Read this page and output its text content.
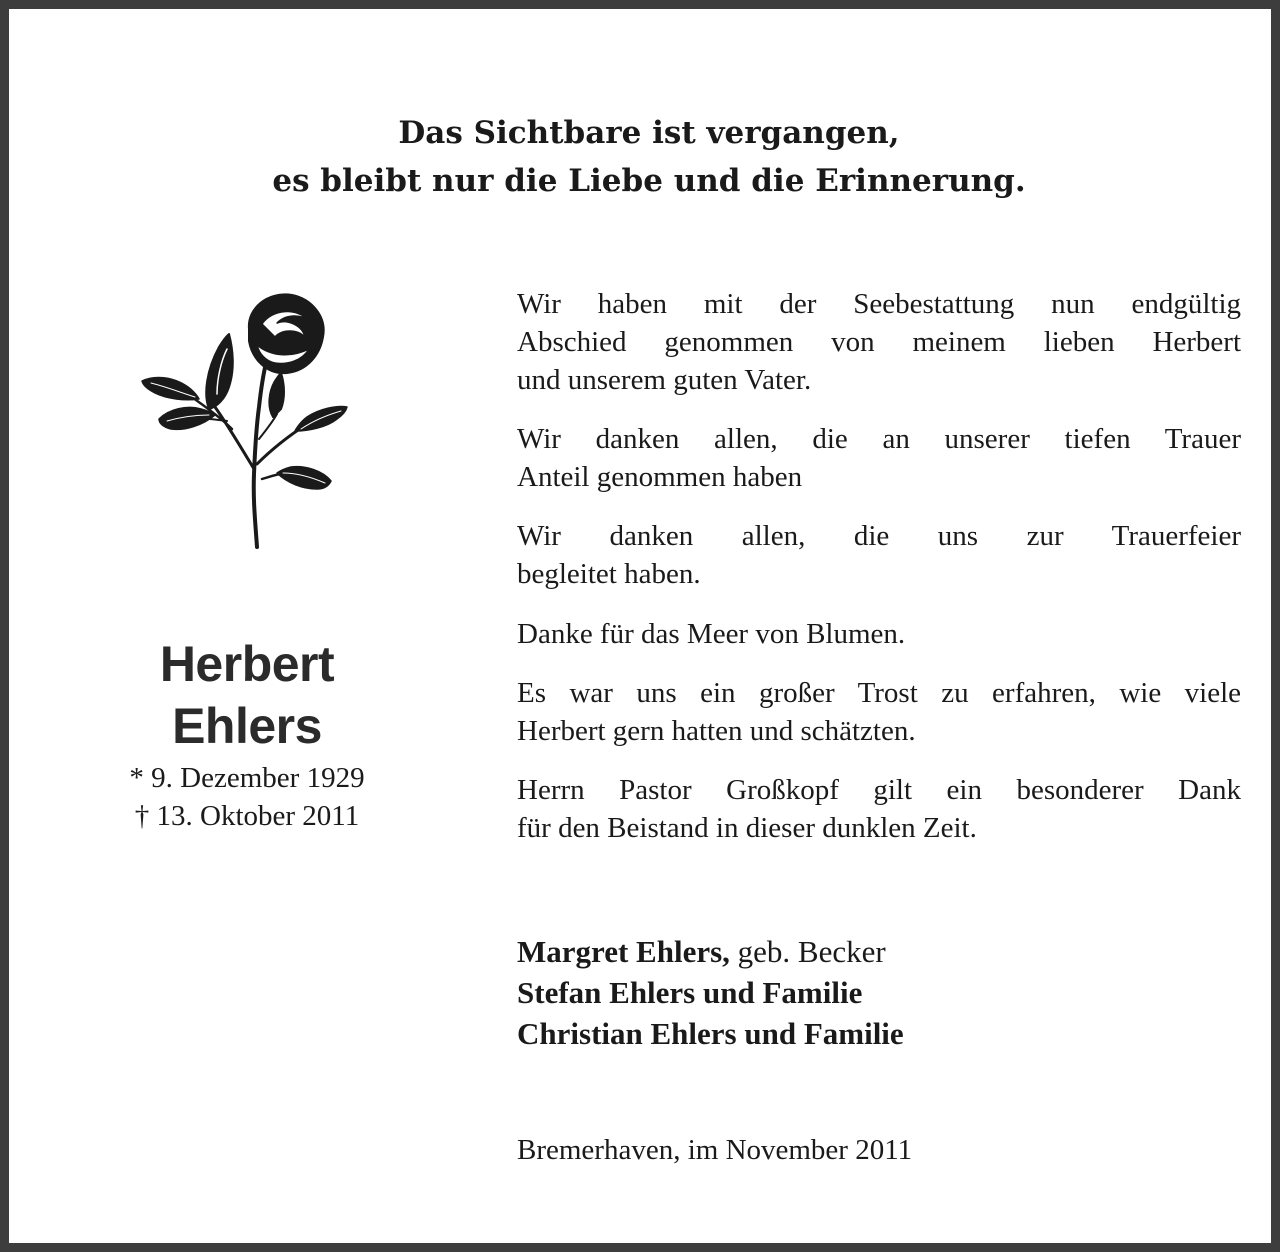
Das Sichtbare ist vergangen,
es bleibt nur die Liebe und die Erinnerung.
Herbert
Ehlers
* 9. Dezember 1929
† 13. Oktober 2011
Wir haben mit der Seebestattung nun endgültig
Abschied genommen von meinem lieben Herbert
und unserem guten Vater.
Wir danken allen, die an unserer tiefen Trauer
Anteil genommen haben
Wir danken allen, die uns zur Trauerfeier
begleitet haben.
Danke für das Meer von Blumen.
Es war uns ein großer Trost zu erfahren, wie viele
Herbert gern hatten und schätzten.
Herrn Pastor Großkopf gilt ein besonderer Dank
für den Beistand in dieser dunklen Zeit.
Margret Ehlers, geb. Becker
Stefan Ehlers und Familie
Christian Ehlers und Familie
Bremerhaven, im November 2011
